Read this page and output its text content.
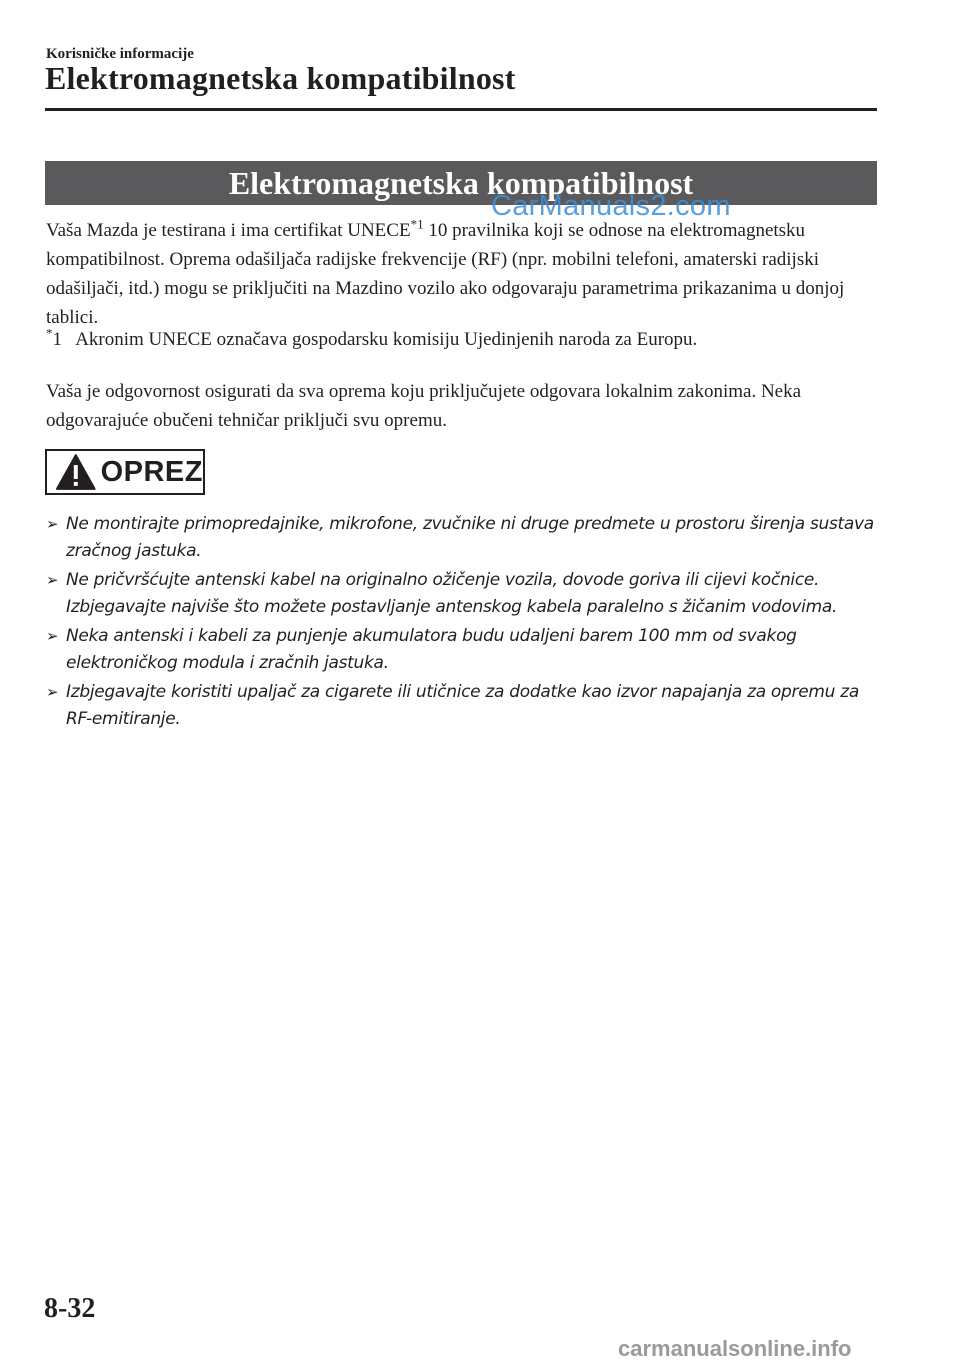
Korisničke informacije
Elektromagnetska kompatibilnost
Elektromagnetska kompatibilnost
CarManuals2.com
Vaša Mazda je testirana i ima certifikat UNECE$^{*1}$ 10 pravilnika koji se odnose na elektromagnetsku kompatibilnost. Oprema odašiljača radijske frekvencije (RF) (npr. mobilni telefoni, amaterski radijski odašiljači, itd.) mogu se priključiti na Mazdino vozilo ako odgovaraju parametrima prikazanima u donjoj tablici.
*1   Akronim UNECE označava gospodarsku komisiju Ujedinjenih naroda za Europu.
Vaša je odgovornost osigurati da sva oprema koju priključujete odgovara lokalnim zakonima. Neka odgovarajuće obučeni tehničar priključi svu opremu.
OPREZ
➢ Ne montirajte primopredajnike, mikrofone, zvučnike ni druge predmete u prostoru širenja sustava zračnog jastuka.
➢ Ne pričvršćujte antenski kabel na originalno ožičenje vozila, dovode goriva ili cijevi kočnice. Izbjegavajte najviše što možete postavljanje antenskog kabela paralelno s žičanim vodovima.
➢ Neka antenski i kabeli za punjenje akumulatora budu udaljeni barem 100 mm od svakog elektroničkog modula i zračnih jastuka.
➢ Izbjegavajte koristiti upaljač za cigarete ili utičnice za dodatke kao izvor napajanja za opremu za RF-emitiranje.
8-32
carmanualsonline.info
